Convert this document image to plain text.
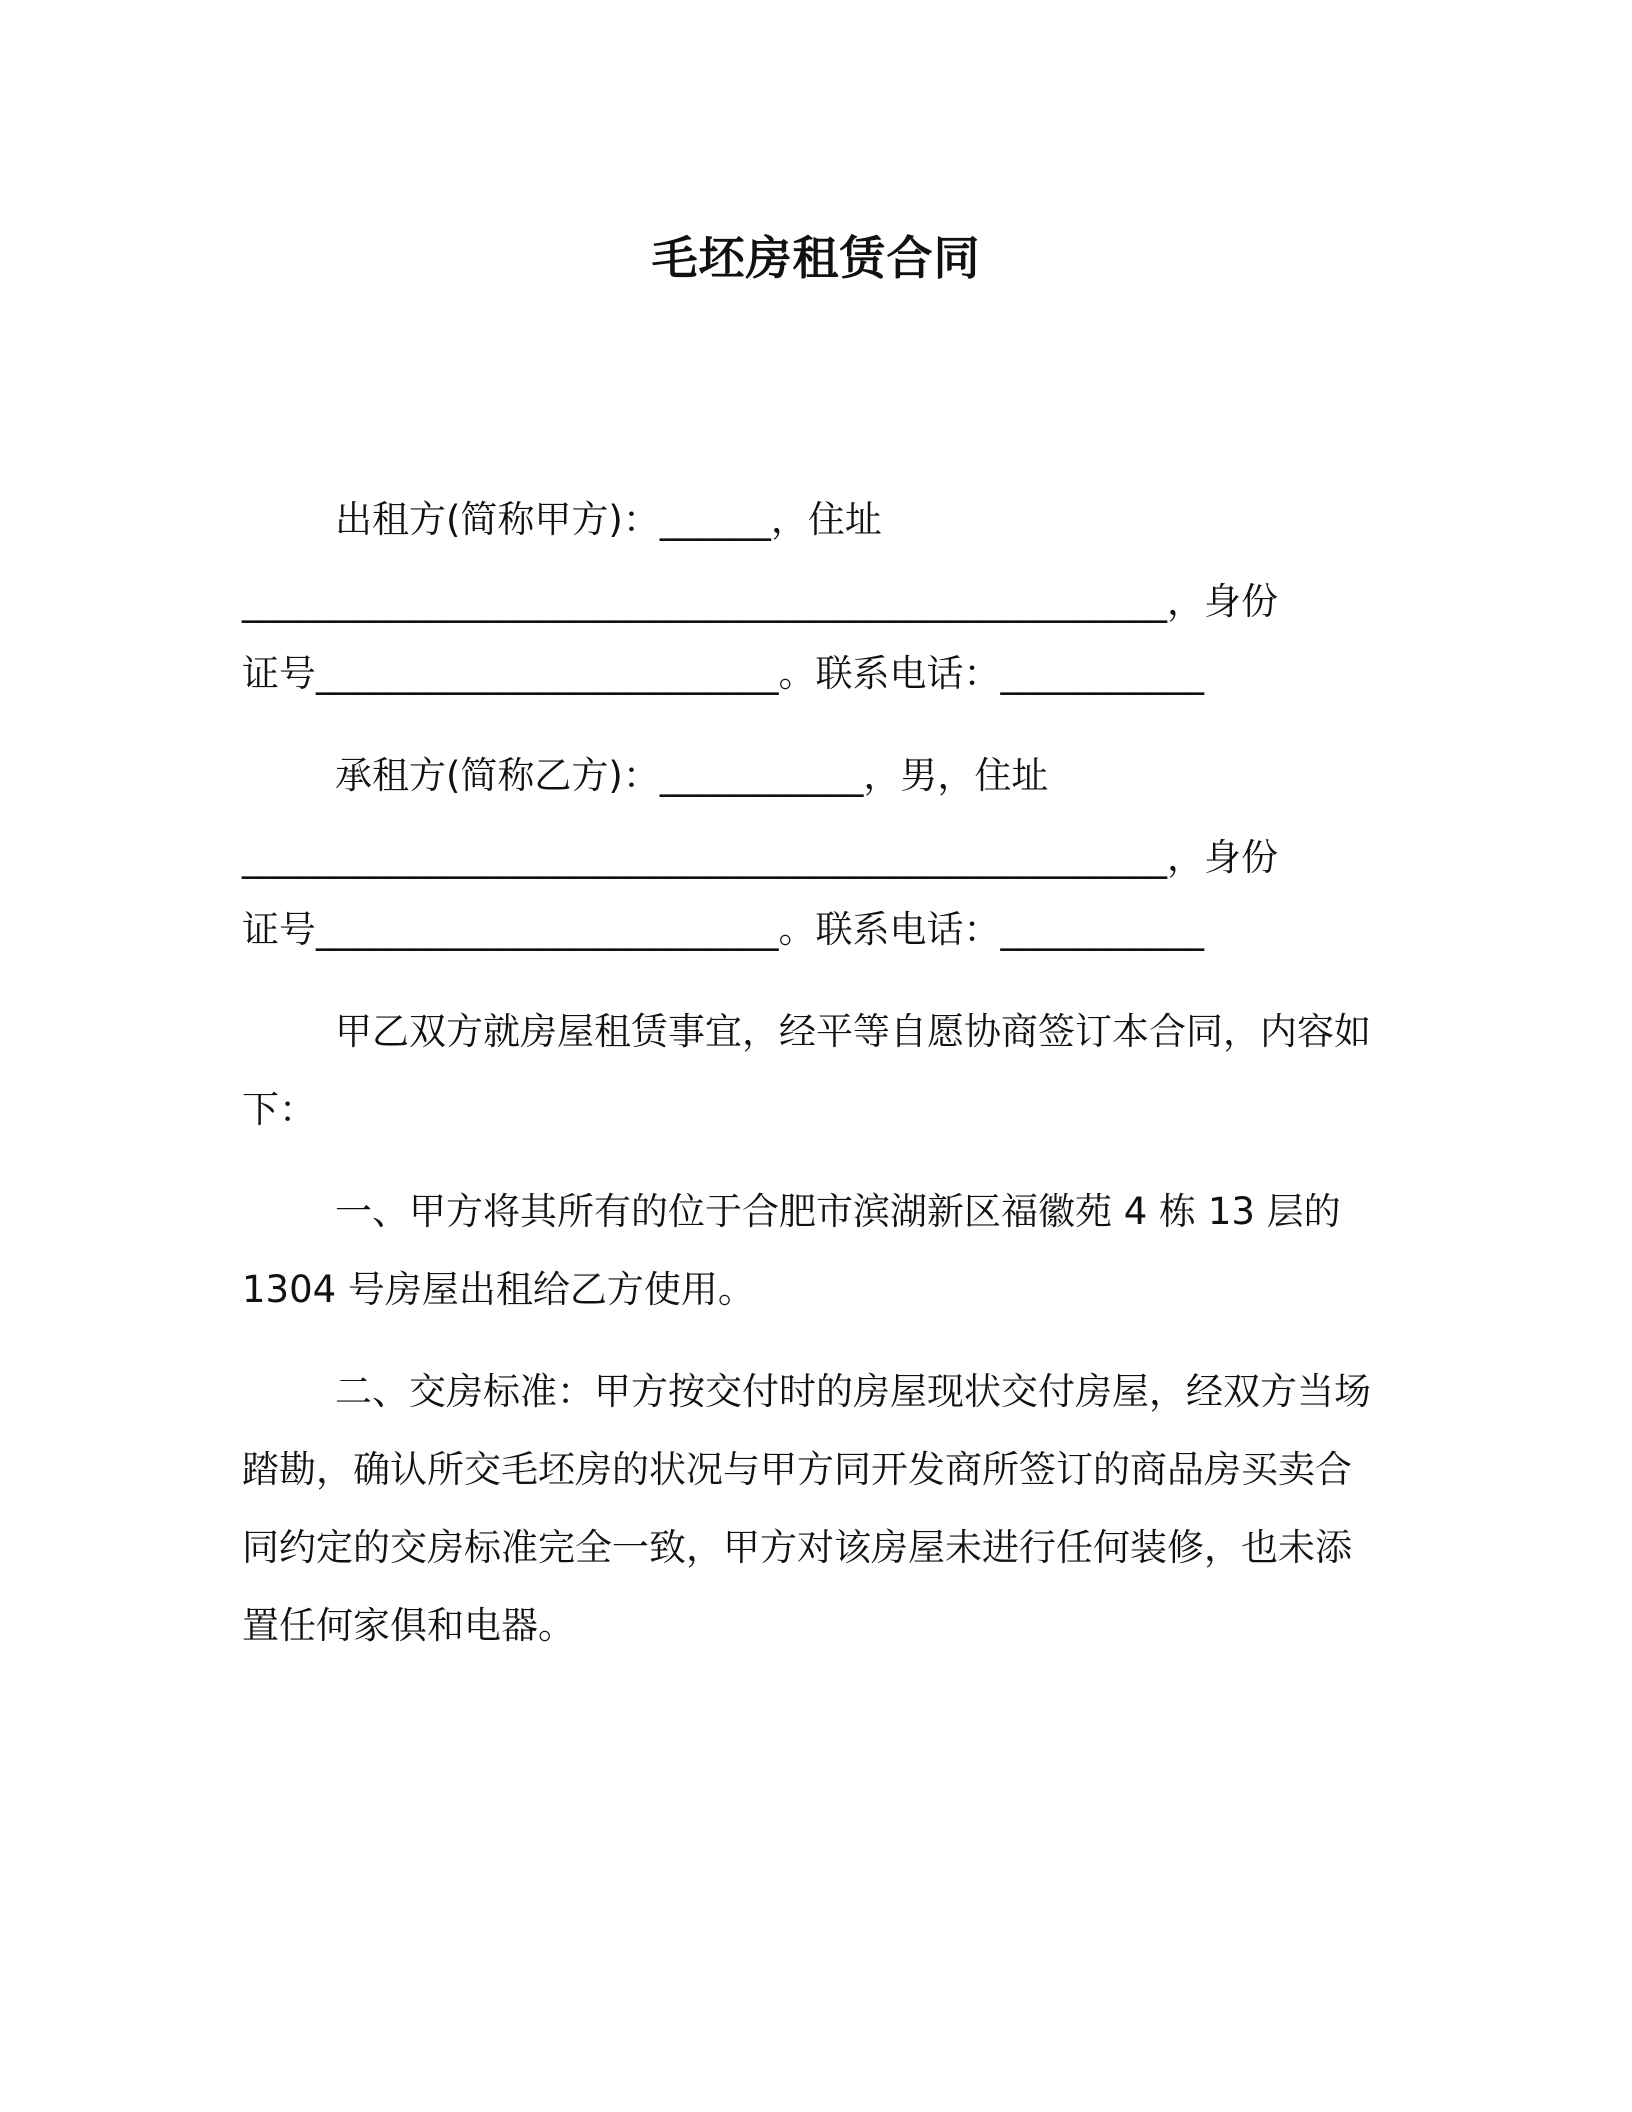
毛坯房租赁合同

出租方(简称甲方)：______，住址

__________________________________________________，身份

证号_________________________。联系电话：___________

承租方(简称乙方)：___________，男，住址

__________________________________________________，身份

证号_________________________。联系电话：___________

甲乙双方就房屋租赁事宜，经平等自愿协商签订本合同，内容如

下：

一、甲方将其所有的位于合肥市滨湖新区福徽苑 4 栋 13 层的

1304 号房屋出租给乙方使用。

二、交房标准：甲方按交付时的房屋现状交付房屋，经双方当场

踏勘，确认所交毛坯房的状况与甲方同开发商所签订的商品房买卖合

同约定的交房标准完全一致，甲方对该房屋未进行任何装修，也未添

置任何家俱和电器。
